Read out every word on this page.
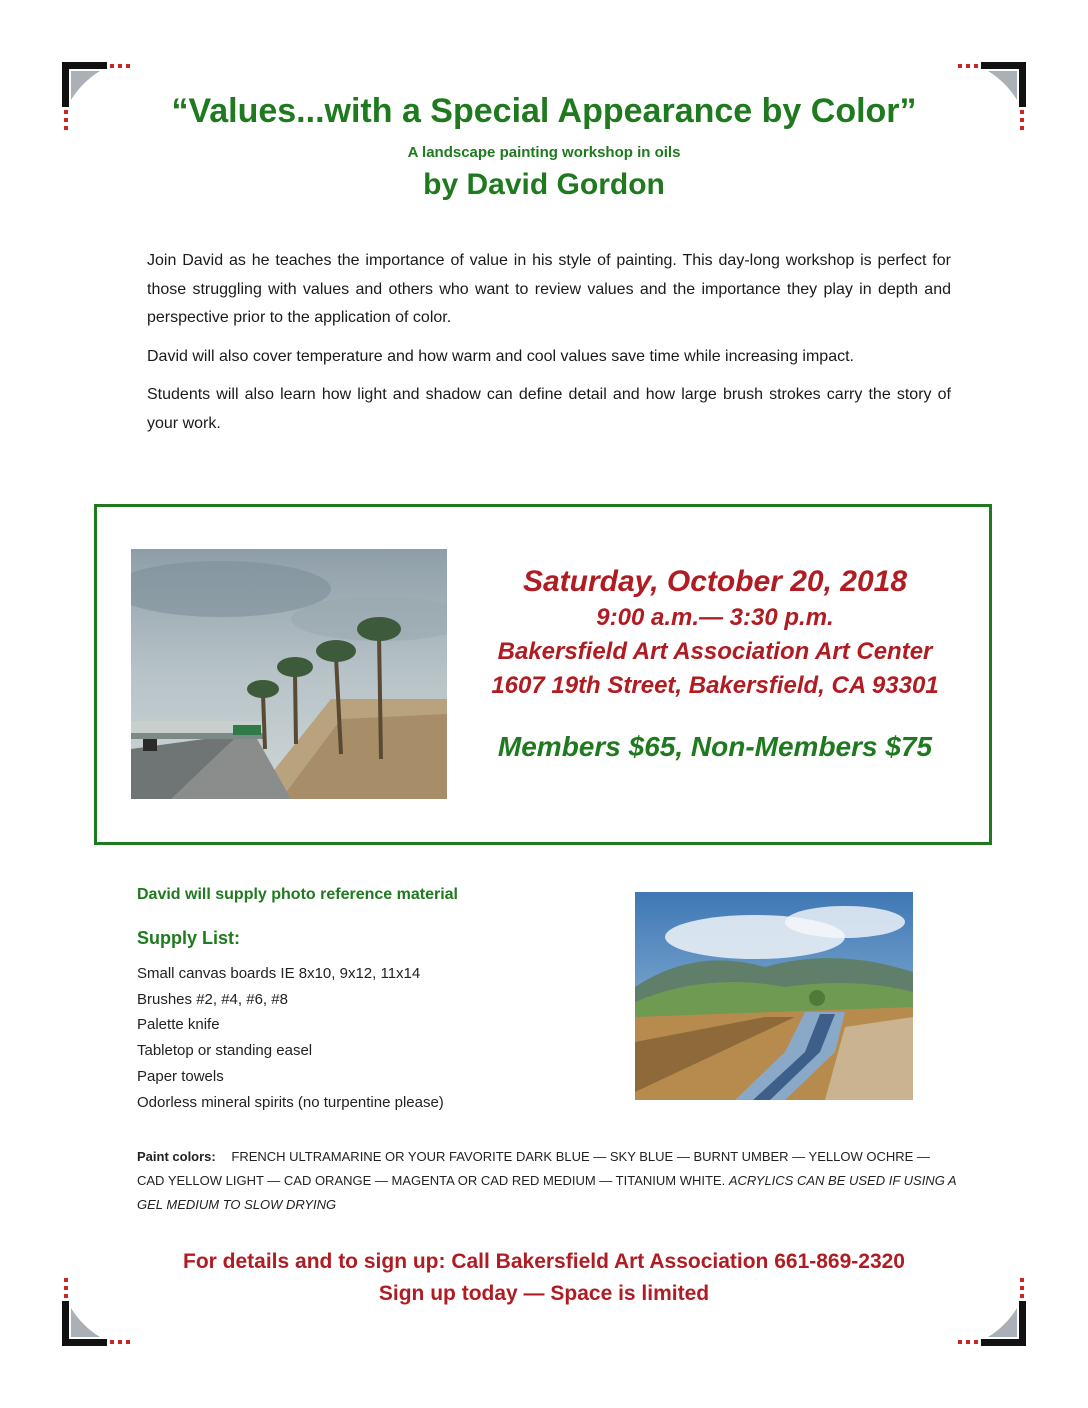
“Values...with a Special Appearance by Color”
A landscape painting workshop in oils
by David Gordon

Join David as he teaches the importance of value in his style of painting. This day-long workshop is perfect for those struggling with values and others who want to review values and the importance they play in depth and perspective prior to the application of color.

David will also cover temperature and how warm and cool values save time while increasing impact.

Students will also learn how light and shadow can define detail and how large brush strokes carry the story of your work.

Saturday, October 20, 2018
9:00 a.m.— 3:30 p.m.
Bakersfield Art Association Art Center
1607 19th Street, Bakersfield, CA 93301
Members $65, Non-Members $75
David will supply photo reference material
Supply List:
Small canvas boards IE 8x10, 9x12, 11x14
Brushes #2, #4, #6, #8
Palette knife
Tabletop or standing easel
Paper towels
Odorless mineral spirits (no turpentine please)
Paint colors: FRENCH ULTRAMARINE OR YOUR FAVORITE DARK BLUE — SKY BLUE — BURNT UMBER — YELLOW OCHRE — CAD YELLOW LIGHT — CAD ORANGE — MAGENTA OR CAD RED MEDIUM — TITANIUM WHITE. ACRYLICS CAN BE USED IF USING A GEL MEDIUM TO SLOW DRYING
For details and to sign up: Call Bakersfield Art Association 661-869-2320
Sign up today — Space is limited
